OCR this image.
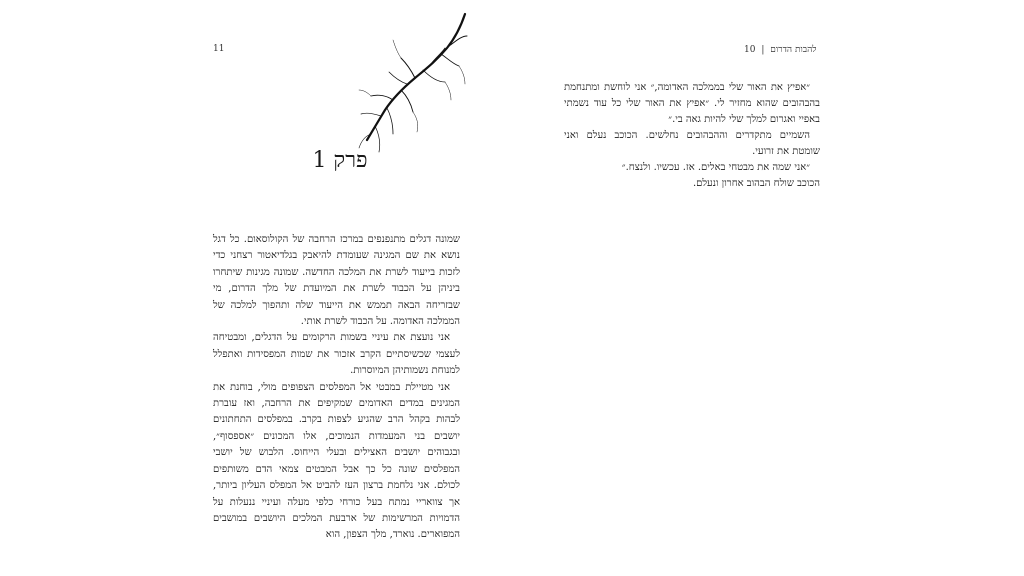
11
פרק 1

שמונה דגלים מתנפנפים במרכז הרחבה של הקולוסאום. כל דגל נושא את שם המגינה שעומדת להיאבק בגלדיאטור רצחני כדי לזכות בייעוד לשרת את המלכה החדשה. שמונה מגינות שיתחרו ביניהן על הכבוד לשרת את המיועדת של מלך הדרום, מי שבזריחה הבאה תממש את הייעוד שלה ותהפוך למלכה של הממלכה האדומה. על הכבוד לשרת אותי.

אני נועצת את עיניי בשמות הרקומים על הדגלים, ומבטיחה לעצמי שכשיסתיים הקרב אזכור את שמות המפסידות ואתפלל למנוחת נשמותיהן המיוסרות.

אני מטיילת במבטי אל המפלסים הצפופים מולי, בוחנת את המגינים במדים האדומים שמקיפים את הרחבה, ואז עוברת לבהות בקהל הרב שהגיע לצפות בקרב. במפלסים התחתונים יושבים בני המעמדות הנמוכים, אלו המכונים ״אספסוף״, ובגבוהים יושבים האצילים ובעלי הייחוס. הלבוש של יושבי המפלסים שונה כל כך אבל המבטים צמאי הדם משותפים לכולם. אני נלחמת ברצון העז להביט אל המפלס העליון ביותר, אך צוואריי נמתח בעל כורחי כלפי מעלה ועיניי ננעלות על הדמויות המרשימות של ארבעת המלכים היושבים במושבים המפוארים. נוארד, מלך הצפון, הוא

להבות הדרום | 10

״אפיץ את האור שלי בממלכה האדומה,״ אני לוחשת ומתנחמת בהבהובים שהוא מחזיר לי. ״אפיץ את האור שלי כל עוד נשמתי באפיי ואגרום למלך שלי להיות גאה בי.״

השמיים מתקדרים וההבהובים נחלשים. הכוכב נעלם ואני שומטת את זרועי.

״אני שמה את מבטחי באלים. אז. עכשיו. ולנצח.״

הכוכב שולח הבהוב אחרון ונעלם.
